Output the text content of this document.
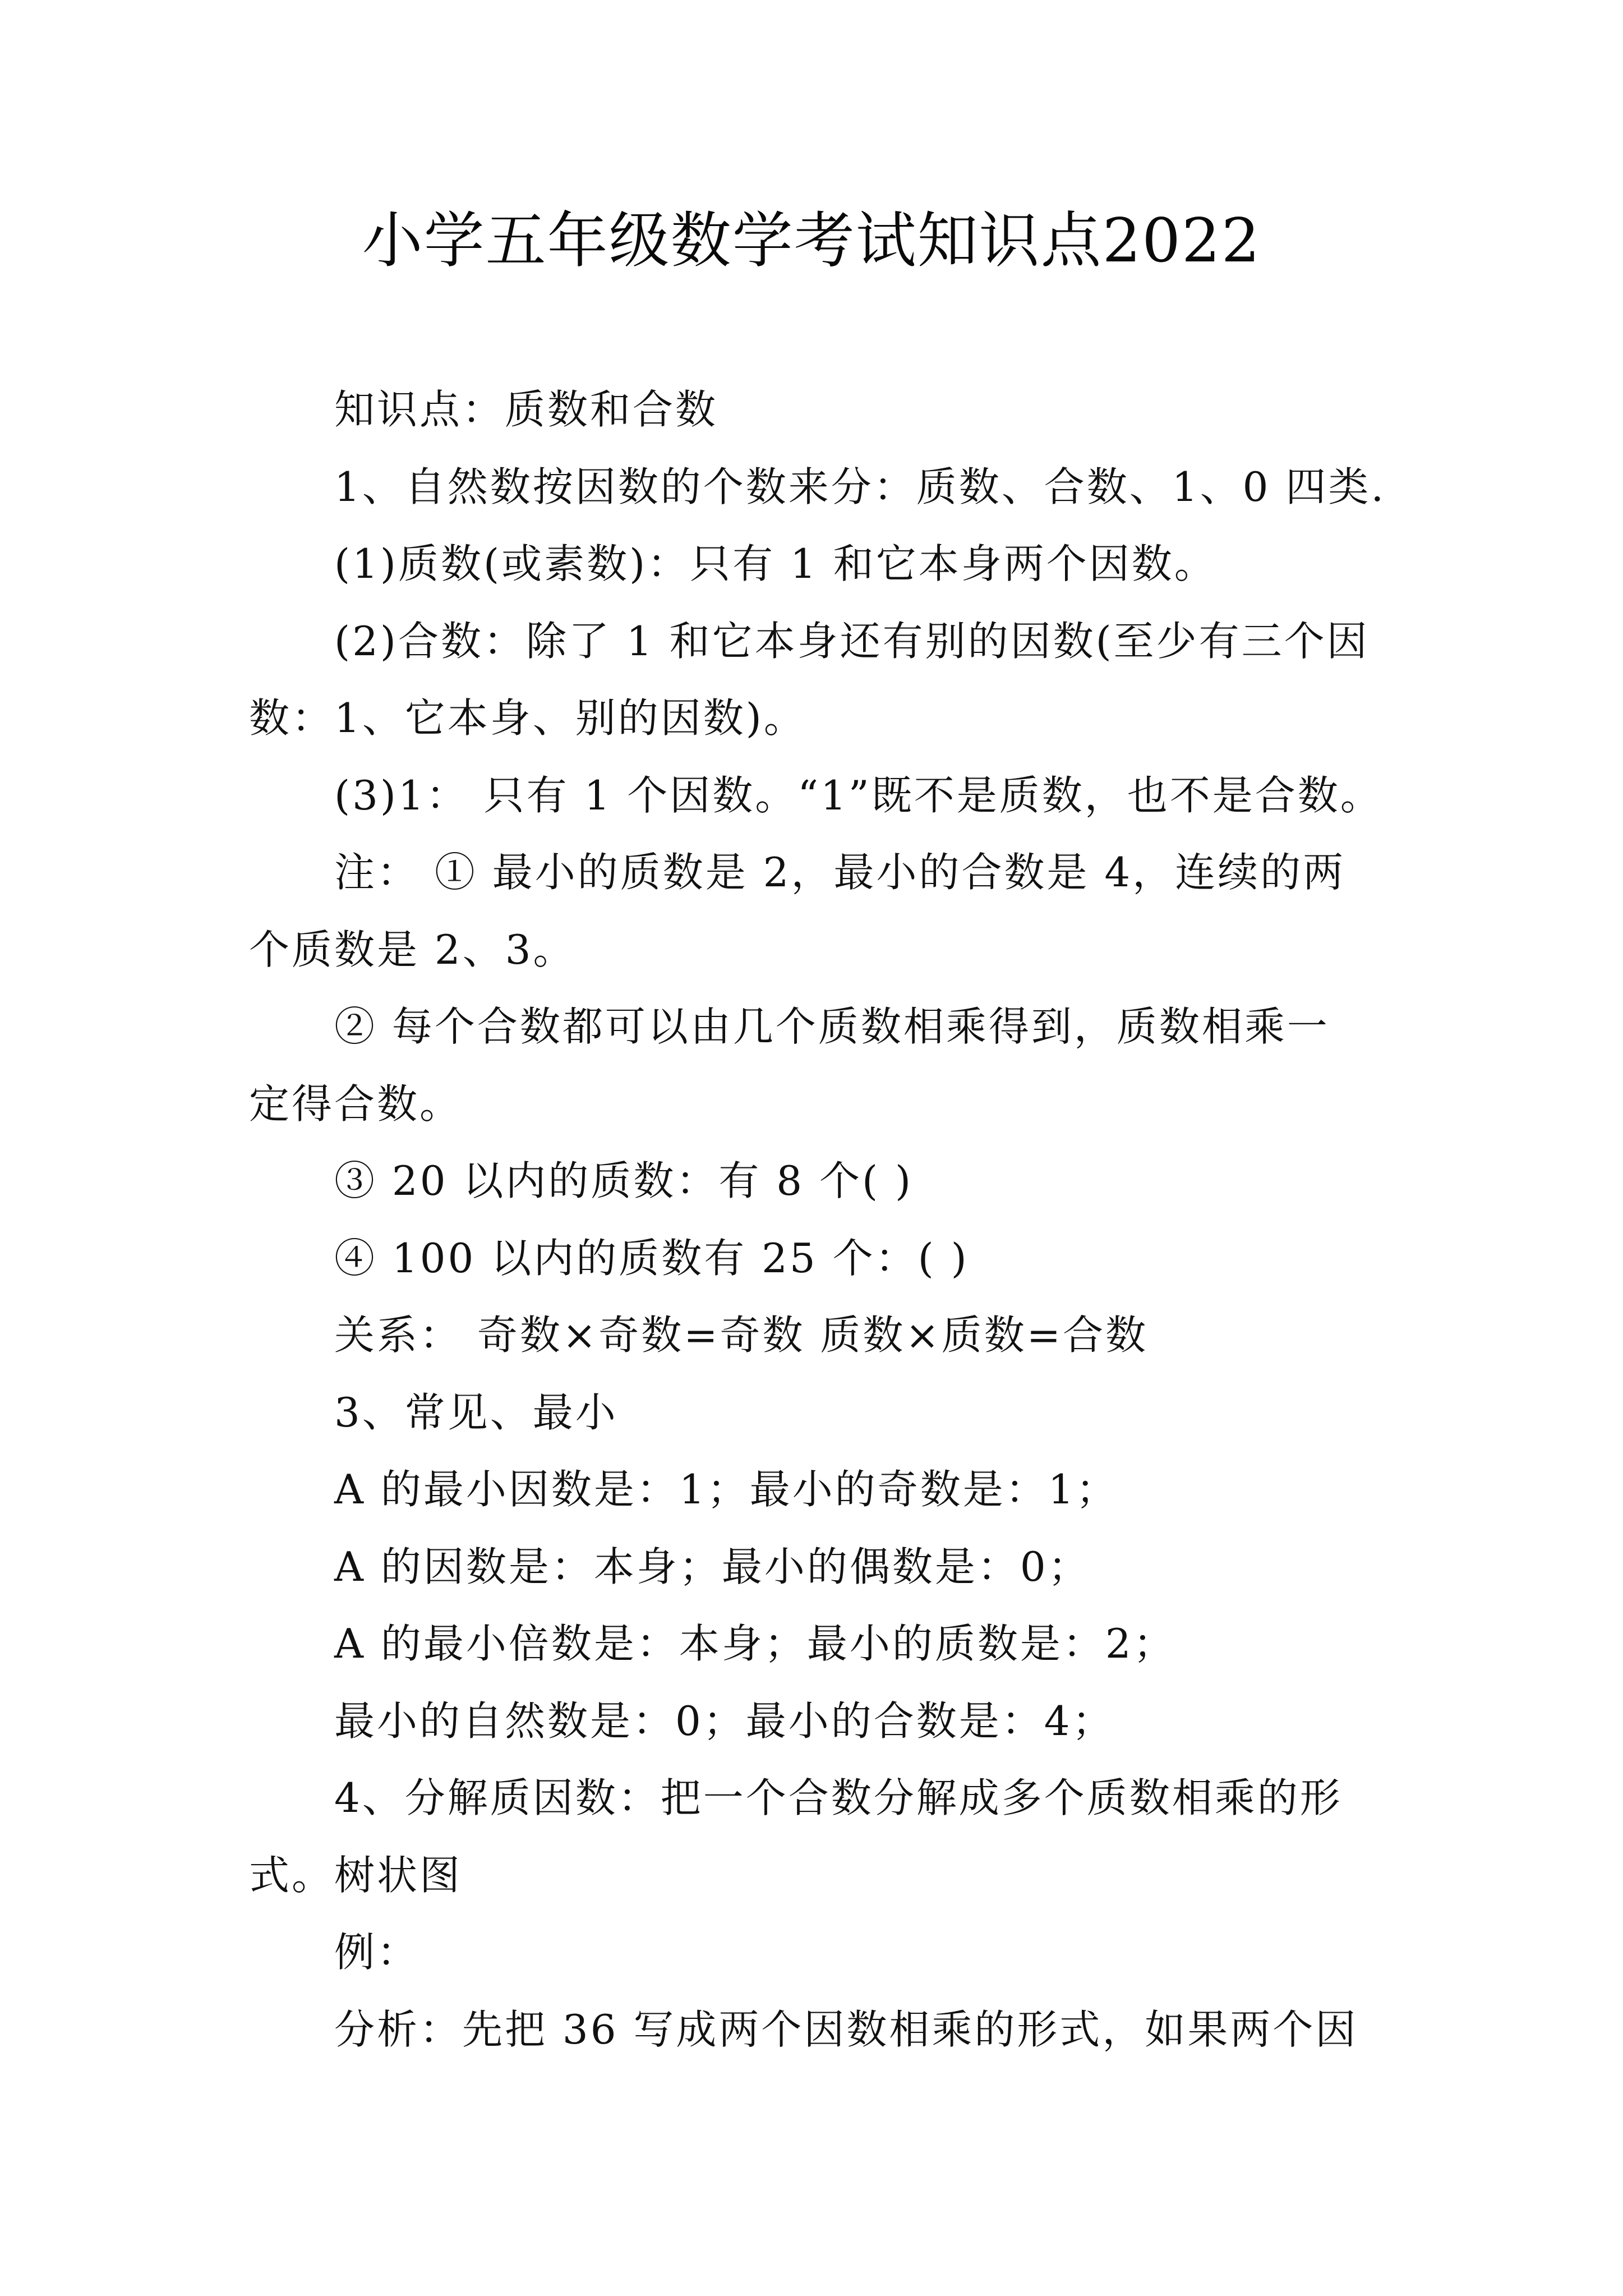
小学五年级数学考试知识点2022

知识点：质数和合数

1、自然数按因数的个数来分：质数、合数、1、0 四类.

(1)质数(或素数)：只有 1 和它本身两个因数。

(2)合数：除了 1 和它本身还有别的因数(至少有三个因

数：1、它本身、别的因数)。

(3)1： 只有 1 个因数。“1”既不是质数，也不是合数。

注： ① 最小的质数是 2，最小的合数是 4，连续的两

个质数是 2、3。

② 每个合数都可以由几个质数相乘得到，质数相乘一

定得合数。

③ 20 以内的质数：有 8 个( )

④ 100 以内的质数有 25 个：( )

关系： 奇数×奇数=奇数 质数×质数=合数

3、常见、最小

A 的最小因数是：1；最小的奇数是：1；

A 的因数是：本身；最小的偶数是：0；

A 的最小倍数是：本身；最小的质数是：2；

最小的自然数是：0；最小的合数是：4；

4、分解质因数：把一个合数分解成多个质数相乘的形

式。树状图

例：

分析：先把 36 写成两个因数相乘的形式，如果两个因
